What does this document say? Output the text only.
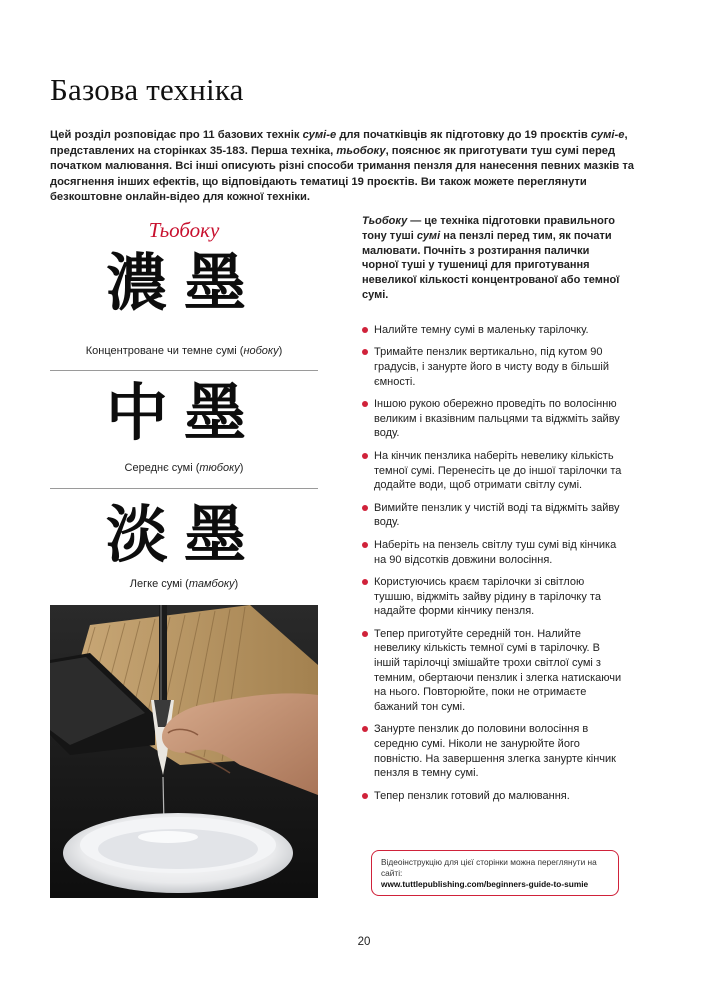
Базова техніка

Цей розділ розповідає про 11 базових технік сумі-е для початківців як підготовку до 19 проєктів сумі-е, представлених на сторінках 35-183. Перша техніка, тьобоку, пояснює як приготувати туш сумі перед початком малювання. Всі інші описують різні способи тримання пензля для нанесення певних мазків та досягнення інших ефектів, що відповідають тематиці 19 проєктів. Ви також можете переглянути безкоштовне онлайн-відео для кожної техніки.

Тьобоку
濃墨
Концентроване чи темне сумі (нобоку)
中墨
Середнє сумі (тюбоку)
淡墨
Легке сумі (тамбоку)

Тьобоку — це техніка підготовки правильного тону туші сумі на пензлі перед тим, як почати малювати. Почніть з розтирання палички чорної туші у тушениці для приготування невеликої кількості концентрованої або темної сумі.

Налийте темну сумі в маленьку тарілочку.
Тримайте пензлик вертикально, під кутом 90 градусів, і занурте його в чисту воду в більшій ємності.
Іншою рукою обережно проведіть по волосінню великим і вказівним пальцями та віджміть зайву воду.
На кінчик пензлика наберіть невелику кількість темної сумі. Перенесіть це до іншої тарілочки та додайте води, щоб отримати світлу сумі.
Вимийте пензлик у чистій воді та віджміть зайву воду.
Наберіть на пензель світлу туш сумі від кінчика на 90 відсотків довжини волосіння.
Користуючись краєм тарілочки зі світлою тушшю, віджміть зайву рідину в тарілочку та надайте форми кінчику пензля.
Тепер приготуйте середній тон. Налийте невелику кількість темної сумі в тарілочку. В іншій тарілочці змішайте трохи світлої сумі з темним, обертаючи пензлик і злегка натискаючи на нього. Повторюйте, поки не отримаєте бажаний тон сумі.
Занурте пензлик до половини волосіння в середню сумі. Ніколи не занурюйте його повністю. На завершення злегка занурте кінчик пензля в темну сумі.
Тепер пензлик готовий до малювання.
Відеоінструкцію для цієї сторінки можна переглянути на сайті:
www.tuttlepublishing.com/beginners-guide-to-sumie
20
